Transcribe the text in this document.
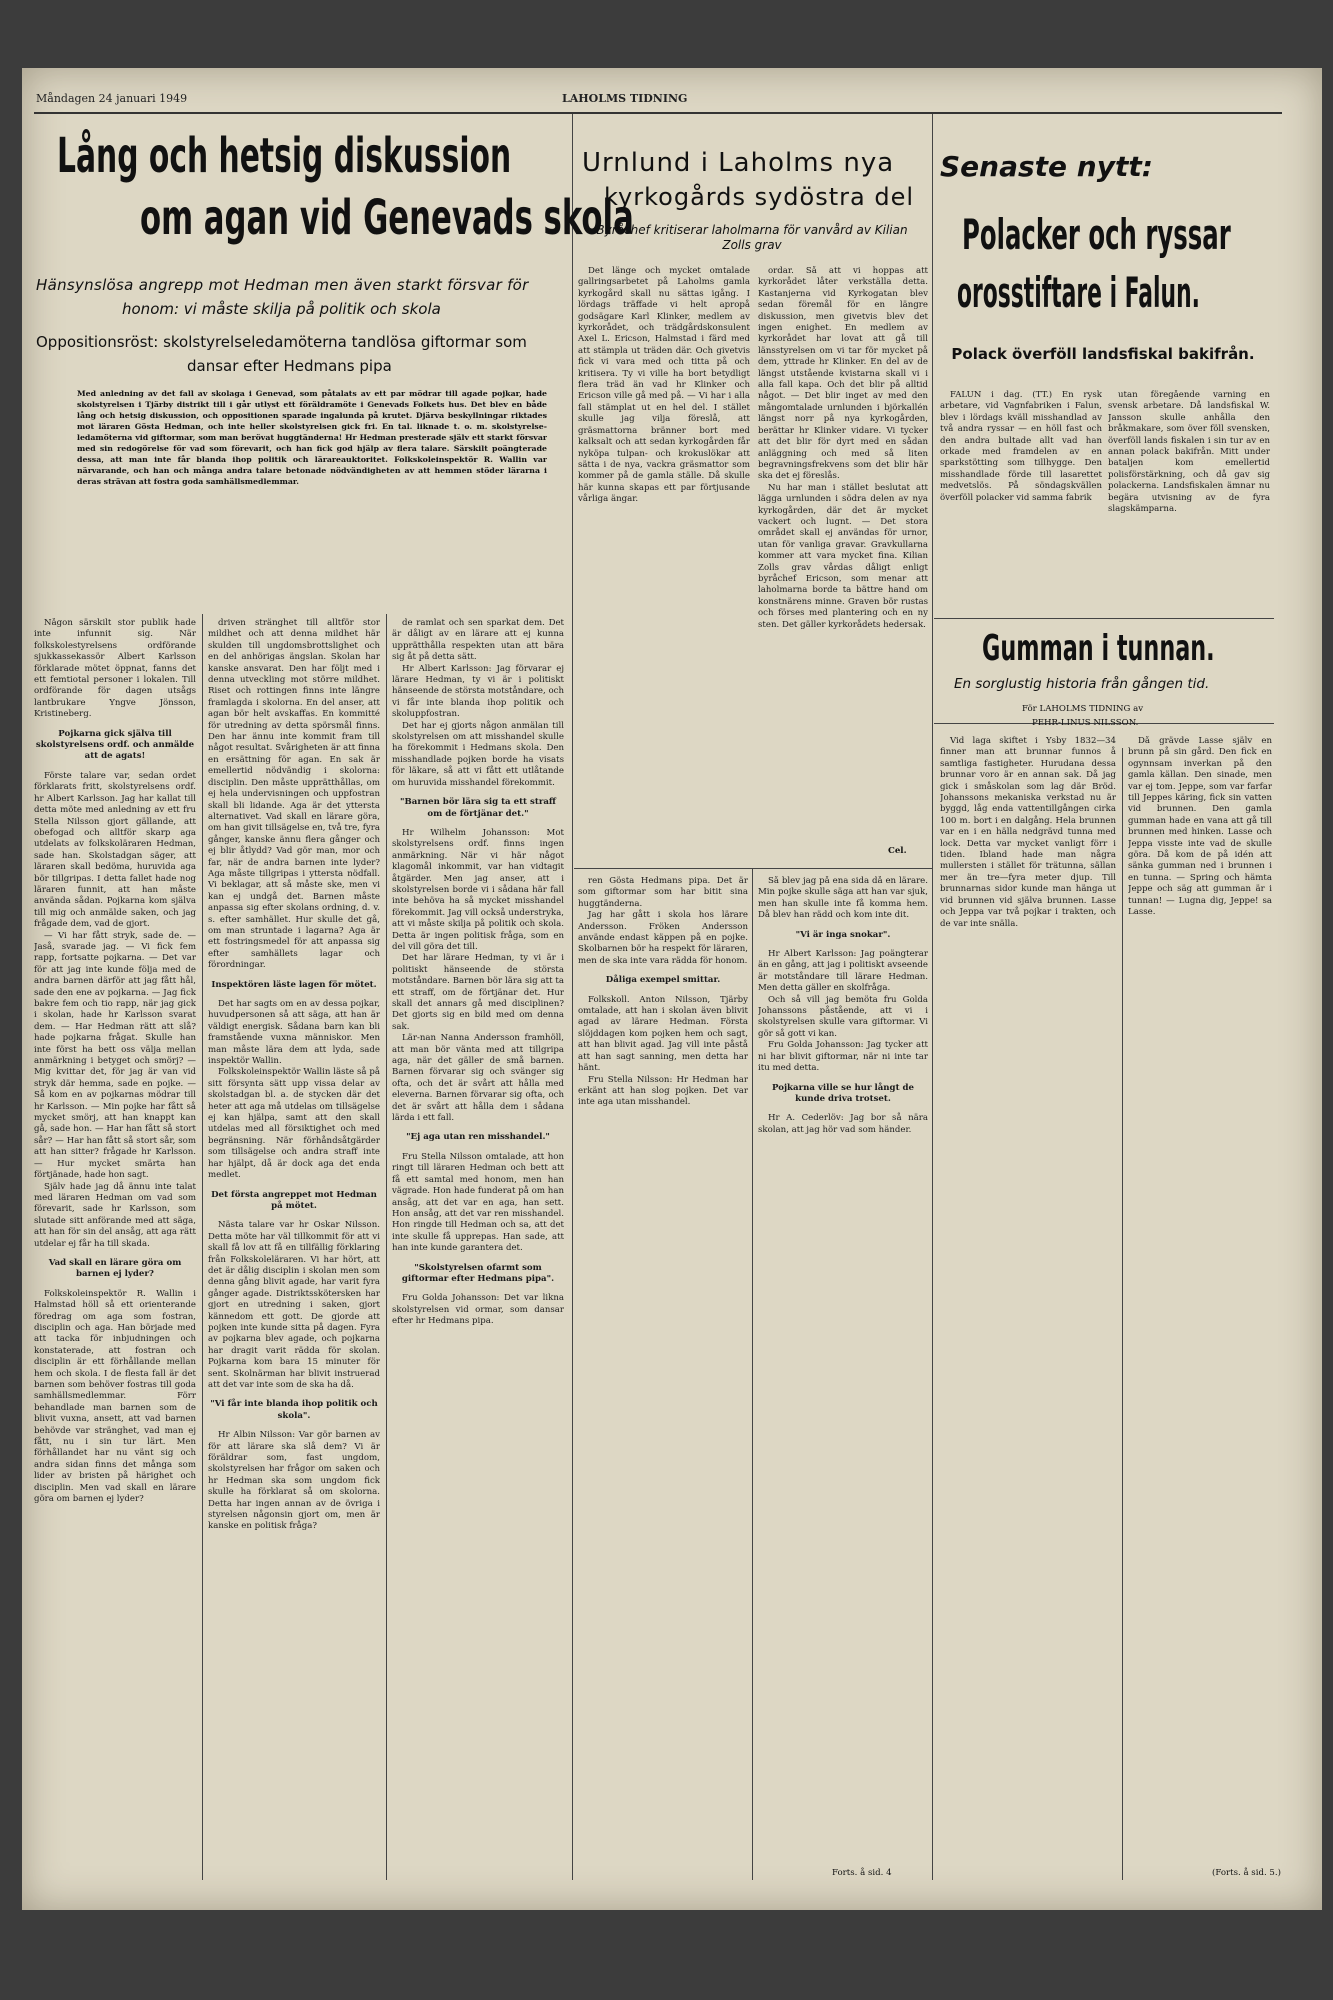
Måndagen 24 januari 1949	LAHOLMS TIDNING
Lång och hetsig diskussion
om agan vid Genevads skola
Hänsynslösa angrepp mot Hedman men även starkt försvar för
honom: vi måste skilja på politik och skola
Oppositionsröst: skolstyrelseledamöterna tandlösa giftormar som
dansar efter Hedmans pipa
Med anledning av det fall av skolaga i Genevad, som påtalats av ett par mödrar till agade pojkar, hade skolstyrelsen i Tjärby distrikt till i går utlyst ett föräldramöte i Genevads Folkets hus. Det blev en både lång och hetsig diskussion, och oppositionen sparade ingalunda på krutet. Djärva beskyllningar riktades mot läraren Gösta Hedman, och inte heller skolstyrelsen gick fri. En tal. liknade t. o. m. skolstyrelse-ledamöterna vid giftormar, som man berövat huggtänderna! Hr Hedman presterade själv ett starkt försvar med sin redogörelse för vad som förevarit, och han fick god hjälp av flera talare. Särskilt poängterade dessa, att man inte får blanda ihop politik och lärareauktoritet. Folkskoleinspektör R. Wallin var närvarande, och han och många andra talare betonade nödvändigheten av att hemmen stöder lärarna i deras strävan att fostra goda samhällsmedlemmar.

Någon särskilt stor publik hade inte infunnit sig. När folkskolestyrelsens ordförande sjukkassekassör Albert Karlsson förklarade mötet öppnat, fanns det ett femtiotal personer i lokalen. Till ordförande för dagen utsågs lantbrukare Yngve Jönsson, Kristineberg.

Pojkarna gick själva till skolstyrelsens ordf. och anmälde att de agats!

Förste talare var, sedan ordet förklarats fritt, skolstyrelsens ordf. hr Albert Karlsson. Jag har kallat till detta möte med anledning av ett fru Stella Nilsson gjort gällande, att obefogad och alltför skarp aga utdelats av folkskoläraren Hedman, sade han. Skolstadgan säger, att läraren skall bedöma, huruvida aga bör tillgripas. I detta fallet hade nog läraren funnit, att han måste använda sådan. Pojkarna kom själva till mig och anmälde saken, och jag frågade dem, vad de gjort.

— Vi har fått stryk, sade de. — Jaså, svarade jag. — Vi fick fem rapp, fortsatte pojkarna. — Det var för att jag inte kunde följa med de andra barnen därför att jag fått hål, sade den ene av pojkarna. — Jag fick bakre fem och tio rapp, när jag gick i skolan, hade hr Karlsson svarat dem. — Har Hedman rätt att slå? hade pojkarna frågat. Skulle han inte först ha bett oss välja mellan anmärkning i betyget och smörj? — Mig kvittar det, för jag är van vid stryk där hemma, sade en pojke. — Så kom en av pojkarnas mödrar till hr Karlsson. — Min pojke har fått så mycket smörj, att han knappt kan gå, sade hon. — Har han fått så stort sår? — Har han fått så stort sår, som att han sitter? frågade hr Karlsson. — Hur mycket smärta han förtjänade, hade hon sagt.

Själv hade jag då ännu inte talat med läraren Hedman om vad som förevarit, sade hr Karlsson, som slutade sitt anförande med att säga, att han för sin del ansåg, att aga rätt utdelar ej får ha till skada.

Vad skall en lärare göra om barnen ej lyder?

Folkskoleinspektör R. Wallin i Halmstad höll så ett orienterande föredrag om aga som fostran, disciplin och aga. Han började med att tacka för inbjudningen och konstaterade, att fostran och disciplin är ett förhållande mellan hem och skola. I de flesta fall är det barnen som behöver fostras till goda samhällsmedlemmar. Förr behandlade man barnen som de blivit vuxna, ansett, att vad barnen behövde var stränghet, vad man ej fått, nu i sin tur lärt. Men förhållandet har nu vänt sig och andra sidan finns det många som lider av bristen på härighet och disciplin. Men vad skall en lärare göra om barnen ej lyder?

driven stränghet till alltför stor mildhet och att denna mildhet här skulden till ungdomsbrottslighet och en del anhörigas ängslan. Skolan har kanske ansvarat. Den har följt med i denna utveckling mot större mildhet. Riset och rottingen finns inte längre framlagda i skolorna. En del anser, att agan bör helt avskaffas. En kommitté för utredning av detta spörsmål finns. Den har ännu inte kommit fram till något resultat. Svårigheten är att finna en ersättning för agan. En sak är emellertid nödvändig i skolorna: disciplin. Den måste upprätthållas, om ej hela undervisningen och uppfostran skall bli lidande. Aga är det yttersta alternativet. Vad skall en lärare göra, om han givit tillsägelse en, två tre, fyra gånger, kanske ännu flera gånger och ej blir åtlydd? Vad gör man, mor och far, när de andra barnen inte lyder? Aga måste tillgripas i yttersta nödfall. Vi beklagar, att så måste ske, men vi kan ej undgå det. Barnen måste anpassa sig efter skolans ordning, d. v. s. efter samhället. Hur skulle det gå, om man struntade i lagarna? Aga är ett fostringsmedel för att anpassa sig efter samhällets lagar och förordningar.

Inspektören läste lagen för mötet.

Det har sagts om en av dessa pojkar, huvudpersonen så att säga, att han är väldigt energisk. Sådana barn kan bli framstående vuxna människor. Men man måste lära dem att lyda, sade inspektör Wallin.

Folkskoleinspektör Wallin läste så på sitt försynta sätt upp vissa delar av skolstadgan bl. a. de stycken där det heter att aga må utdelas om tillsägelse ej kan hjälpa, samt att den skall utdelas med all försiktighet och med begränsning. När förhåndsåtgärder som tillsägelse och andra straff inte har hjälpt, då är dock aga det enda medlet.

Det första angreppet mot Hedman på mötet.

Nästa talare var hr Oskar Nilsson. Detta möte har väl tillkommit för att vi skall få lov att få en tillfällig förklaring från Folkskoleläraren. Vi har hört, att det är dålig disciplin i skolan men som denna gång blivit agade, har varit fyra gånger agade. Distriktsskötersken har gjort en utredning i saken, gjort kännedom ett gott. De gjorde att pojken inte kunde sitta på dagen. Fyra av pojkarna blev agade, och pojkarna har dragit varit rädda för skolan. Pojkarna kom bara 15 minuter för sent. Skolnärman har blivit instruerad att det var inte som de ska ha då.

"Vi får inte blanda ihop politik och skola".

Hr Albin Nilsson: Var gör barnen av för att lärare ska slå dem? Vi är föräldrar som, fast ungdom, skolstyrelsen har frågor om saken och hr Hedman ska som ungdom fick skulle ha förklarat så om skolorna. Detta har ingen annan av de övriga i styrelsen någonsin gjort om, men är kanske en politisk fråga?

de ramlat och sen sparkat dem. Det är dåligt av en lärare att ej kunna upprätthålla respekten utan att bära sig åt på detta sätt.

Hr Albert Karlsson: Jag förvarar ej lärare Hedman, ty vi är i politiskt hänseende de största motståndare, och vi får inte blanda ihop politik och skoluppfostran.

Det har ej gjorts någon anmälan till skolstyrelsen om att misshandel skulle ha förekommit i Hedmans skola. Den misshandlade pojken borde ha visats för läkare, så att vi fått ett utlåtande om huruvida misshandel förekommit.

"Barnen bör lära sig ta ett straff om de förtjänar det."

Hr Wilhelm Johansson: Mot skolstyrelsens ordf. finns ingen anmärkning. När vi här något klagomål inkommit, var han vidtagit åtgärder. Men jag anser, att i skolstyrelsen borde vi i sådana här fall inte behöva ha så mycket misshandel förekommit. Jag vill också understryka, att vi måste skilja på politik och skola. Detta är ingen politisk fråga, som en del vill göra det till.

Det har lärare Hedman, ty vi är i politiskt hänseende de största motståndare. Barnen bör lära sig att ta ett straff, om de förtjänar det. Hur skall det annars gå med disciplinen? Det gjorts sig en bild med om denna sak.

Lär-nan Nanna Andersson framhöll, att man bör vänta med att tillgripa aga, när det gäller de små barnen. Barnen förvarar sig och svänger sig ofta, och det är svårt att hålla med eleverna. Barnen förvarar sig ofta, och det är svårt att hålla dem i sådana lärda i ett fall.

"Ej aga utan ren misshandel."

Fru Stella Nilsson omtalade, att hon ringt till läraren Hedman och bett att få ett samtal med honom, men han vägrade. Hon hade funderat på om han ansåg, att det var en aga, han sett. Hon ansåg, att det var ren misshandel. Hon ringde till Hedman och sa, att det inte skulle få upprepas. Han sade, att han inte kunde garantera det.

"Skolstyrelsen ofarmt som giftormar efter Hedmans pipa".

Fru Golda Johansson: Det var likna skolstyrelsen vid ormar, som dansar efter hr Hedmans pipa.

Urnlund i Laholms nya
kyrkogårds sydöstra del
Byråchef kritiserar laholmarna för vanvård av Kilian Zolls grav

Det länge och mycket omtalade gallringsarbetet på Laholms gamla kyrkogård skall nu sättas igång. I lördags träffade vi helt apropå godsägare Karl Klinker, medlem av kyrkorådet, och trädgårdskonsulent Axel L. Ericson, Halmstad i färd med att stämpla ut träden där. Och givetvis fick vi vara med och titta på och kritisera. Ty vi ville ha bort betydligt flera träd än vad hr Klinker och Ericson ville gå med på. — Vi har i alla fall stämplat ut en hel del. I stället skulle jag vilja föreslå, att gräsmattorna bränner bort med kalksalt och att sedan kyrkogården får nyköpa tulpan- och krokuslökar att sätta i de nya, vackra gräsmattor som kommer på de gamla ställe. Då skulle här kunna skapas ett par förtjusande vårliga ängar.

ordar. Så att vi hoppas att kyrkorådet låter verkställa detta. Kastanjerna vid Kyrkogatan blev sedan föremål för en längre diskussion, men givetvis blev det ingen enighet. En medlem av kyrkorådet har lovat att gå till länsstyrelsen om vi tar för mycket på dem, yttrade hr Klinker. En del av de längst utstående kvistarna skall vi i alla fall kapa. Och det blir på alltid något. — Det blir inget av med den mångomtalade urnlunden i björkallén längst norr på nya kyrkogården, berättar hr Klinker vidare. Vi tycker att det blir för dyrt med en sådan anläggning och med så liten begravningsfrekvens som det blir här ska det ej föreslås.

Nu har man i stället beslutat att lägga urnlunden i södra delen av nya kyrkogården, där det är mycket vackert och lugnt. — Det stora området skall ej användas för urnor, utan för vanliga gravar. Gravkullarna kommer att vara mycket fina. Kilian Zolls grav vårdas dåligt enligt byråchef Ericson, som menar att laholmarna borde ta bättre hand om konstnärens minne. Graven bör rustas och förses med plantering och en ny sten. Det gäller kyrkorådets hedersak.

Cel.

ren Gösta Hedmans pipa. Det är som giftormar som har bitit sina huggtänderna.

Jag har gått i skola hos lärare Andersson. Fröken Andersson använde endast käppen på en pojke. Skolbarnen bör ha respekt för läraren, men de ska inte vara rädda för honom.

Dåliga exempel smittar.

Folkskoll. Anton Nilsson, Tjärby omtalade, att han i skolan även blivit agad av lärare Hedman. Första slöjddagen kom pojken hem och sagt, att han blivit agad. Jag vill inte påstå att han sagt sanning, men detta har hänt.

Fru Stella Nilsson: Hr Hedman har erkänt att han slog pojken. Det var inte aga utan misshandel.

Så blev jag på ena sida då en lärare. Min pojke skulle säga att han var sjuk, men han skulle inte få komma hem. Då blev han rädd och kom inte dit.

"Vi är inga snokar".

Hr Albert Karlsson: Jag poängterar än en gång, att jag i politiskt avseende är motståndare till lärare Hedman. Men detta gäller en skolfråga.

Och så vill jag bemöta fru Golda Johanssons påstående, att vi i skolstyrelsen skulle vara giftormar. Vi gör så gott vi kan.

Fru Golda Johansson: Jag tycker att ni har blivit giftormar, när ni inte tar itu med detta.

Pojkarna ville se hur långt de kunde driva trotset.

Hr A. Cederlöv: Jag bor så nära skolan, att jag hör vad som händer.

Forts. å sid. 4
Senaste nytt:
Polacker och ryssar
orosstiftare i Falun.
Polack överföll landsfiskal bakifrån.

FALUN i dag. (TT.) En rysk arbetare, vid Vagnfabriken i Falun, blev i lördags kväll misshandlad av två andra ryssar — en höll fast och den andra bultade allt vad han orkade med framdelen av en sparkstötting som tillhygge. Den misshandlade förde till lasarettet medvetslös. På söndagskvällen överföll polacker vid samma fabrik

utan föregående varning en svensk arbetare. Då landsfiskal W. Jansson skulle anhålla den bråkmakare, som över föll svensken, överföll lands fiskalen i sin tur av en annan polack bakifrån. Mitt under bataljen kom emellertid polisförstärkning, och då gav sig polackerna. Landsfiskalen ämnar nu begära utvisning av de fyra slagskämparna.

Gumman i tunnan.
En sorglustig historia från gången tid.
För LAHOLMS TIDNING av
PEHR-LINUS NILSSON.

Vid laga skiftet i Ysby 1832—34 finner man att brunnar funnos å samtliga fastigheter. Hurudana dessa brunnar voro är en annan sak. Då jag gick i småskolan som lag där Bröd. Johanssons mekaniska verkstad nu är byggd, låg enda vattentillgången cirka 100 m. bort i en dalgång. Hela brunnen var en i en hälla nedgrävd tunna med lock. Detta var mycket vanligt förr i tiden. Ibland hade man några mullersten i stället för trätunna, sällan mer än tre—fyra meter djup. Till brunnarnas sidor kunde man hänga ut vid brunnen vid själva brunnen. Lasse och Jeppa var två pojkar i trakten, och de var inte snälla.

Då grävde Lasse själv en brunn på sin gård. Den fick en ogynnsam inverkan på den gamla källan. Den sinade, men var ej tom. Jeppe, som var farfar till Jeppes käring, fick sin vatten vid brunnen. Den gamla gumman hade en vana att gå till brunnen med hinken. Lasse och Jeppa visste inte vad de skulle göra. Då kom de på idén att sänka gumman ned i brunnen i en tunna. — Spring och hämta Jeppe och säg att gumman är i tunnan! — Lugna dig, Jeppe! sa Lasse.

(Forts. å sid. 5.)
